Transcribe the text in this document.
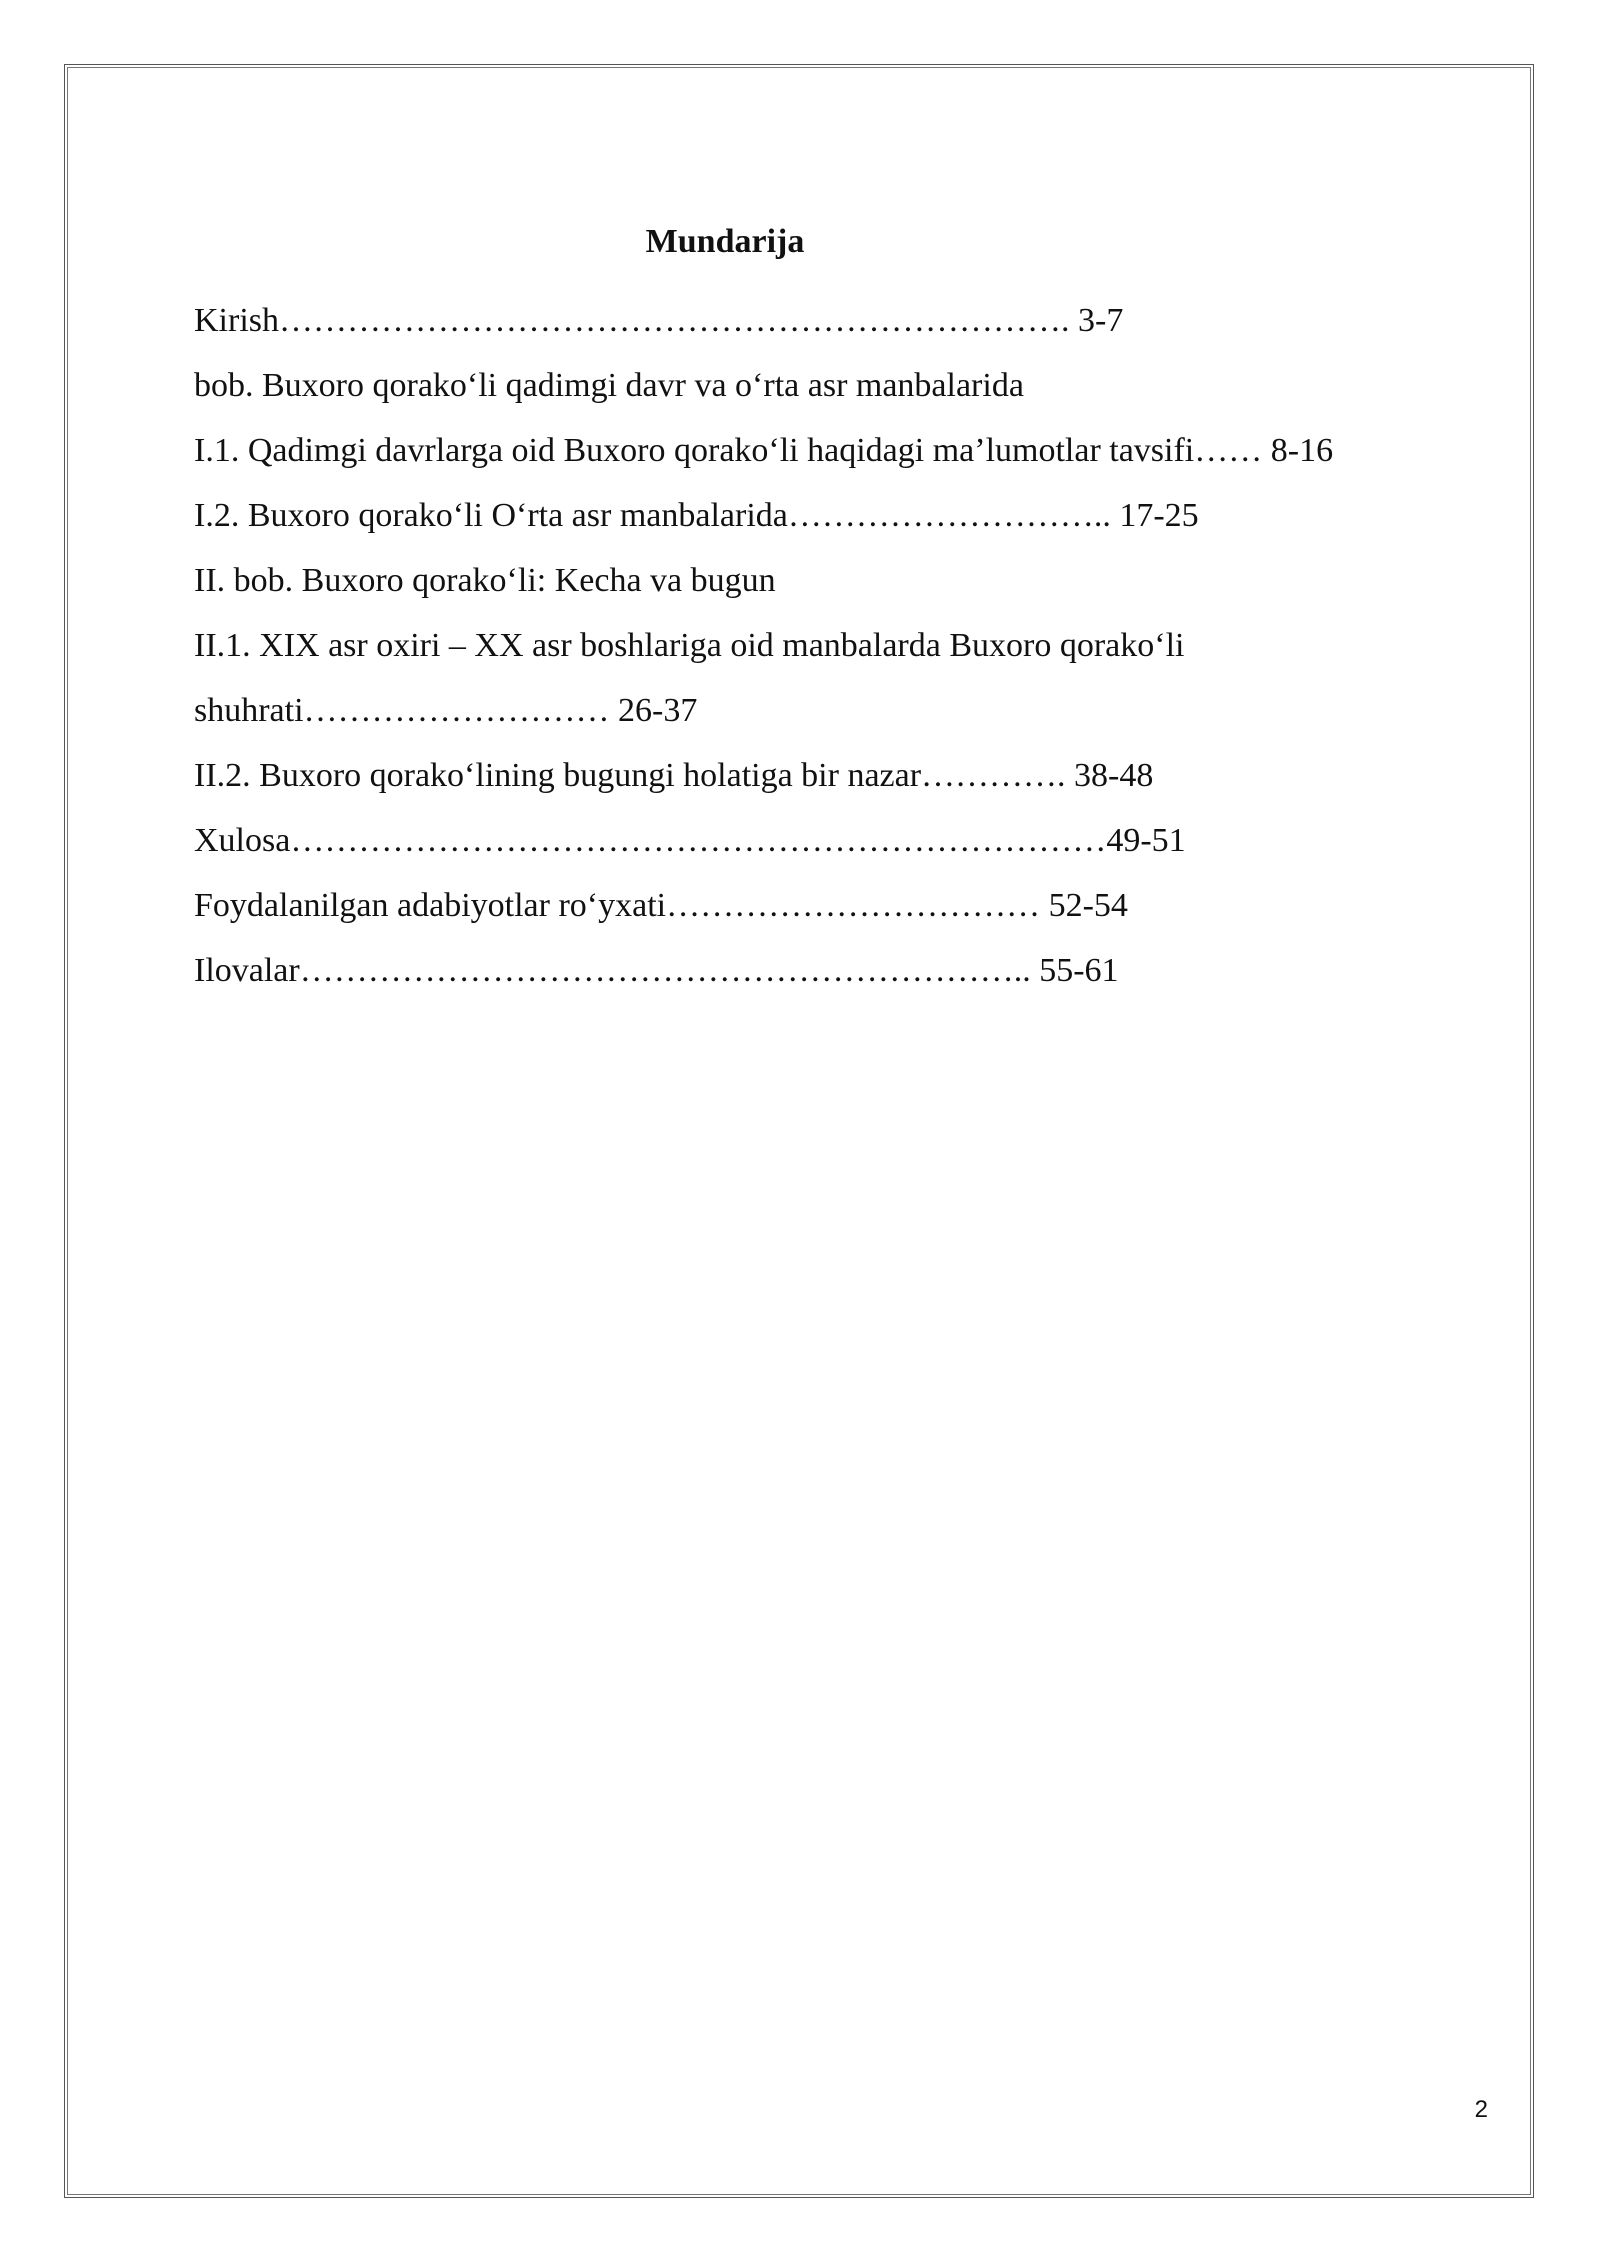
Mundarija
Kirish……………………………………………………………. 3-7
bob. Buxoro qorako‘li qadimgi davr va o‘rta asr manbalarida
I.1. Qadimgi davrlarga oid Buxoro qorako‘li haqidagi ma’lumotlar tavsifi…… 8-16
I.2. Buxoro qorako‘li O‘rta asr manbalarida……………………….. 17-25
II. bob. Buxoro qorako‘li: Kecha va bugun
II.1. XIX asr oxiri – XX asr boshlariga oid manbalarda Buxoro qorako‘li
shuhrati……………………… 26-37
II.2. Buxoro qorako‘lining bugungi holatiga bir nazar…………. 38-48
Xulosa………………………………………………………………49-51
Foydalanilgan adabiyotlar ro‘yxati…………………………… 52-54
Ilovalar……………………………………………………….. 55-61
2
